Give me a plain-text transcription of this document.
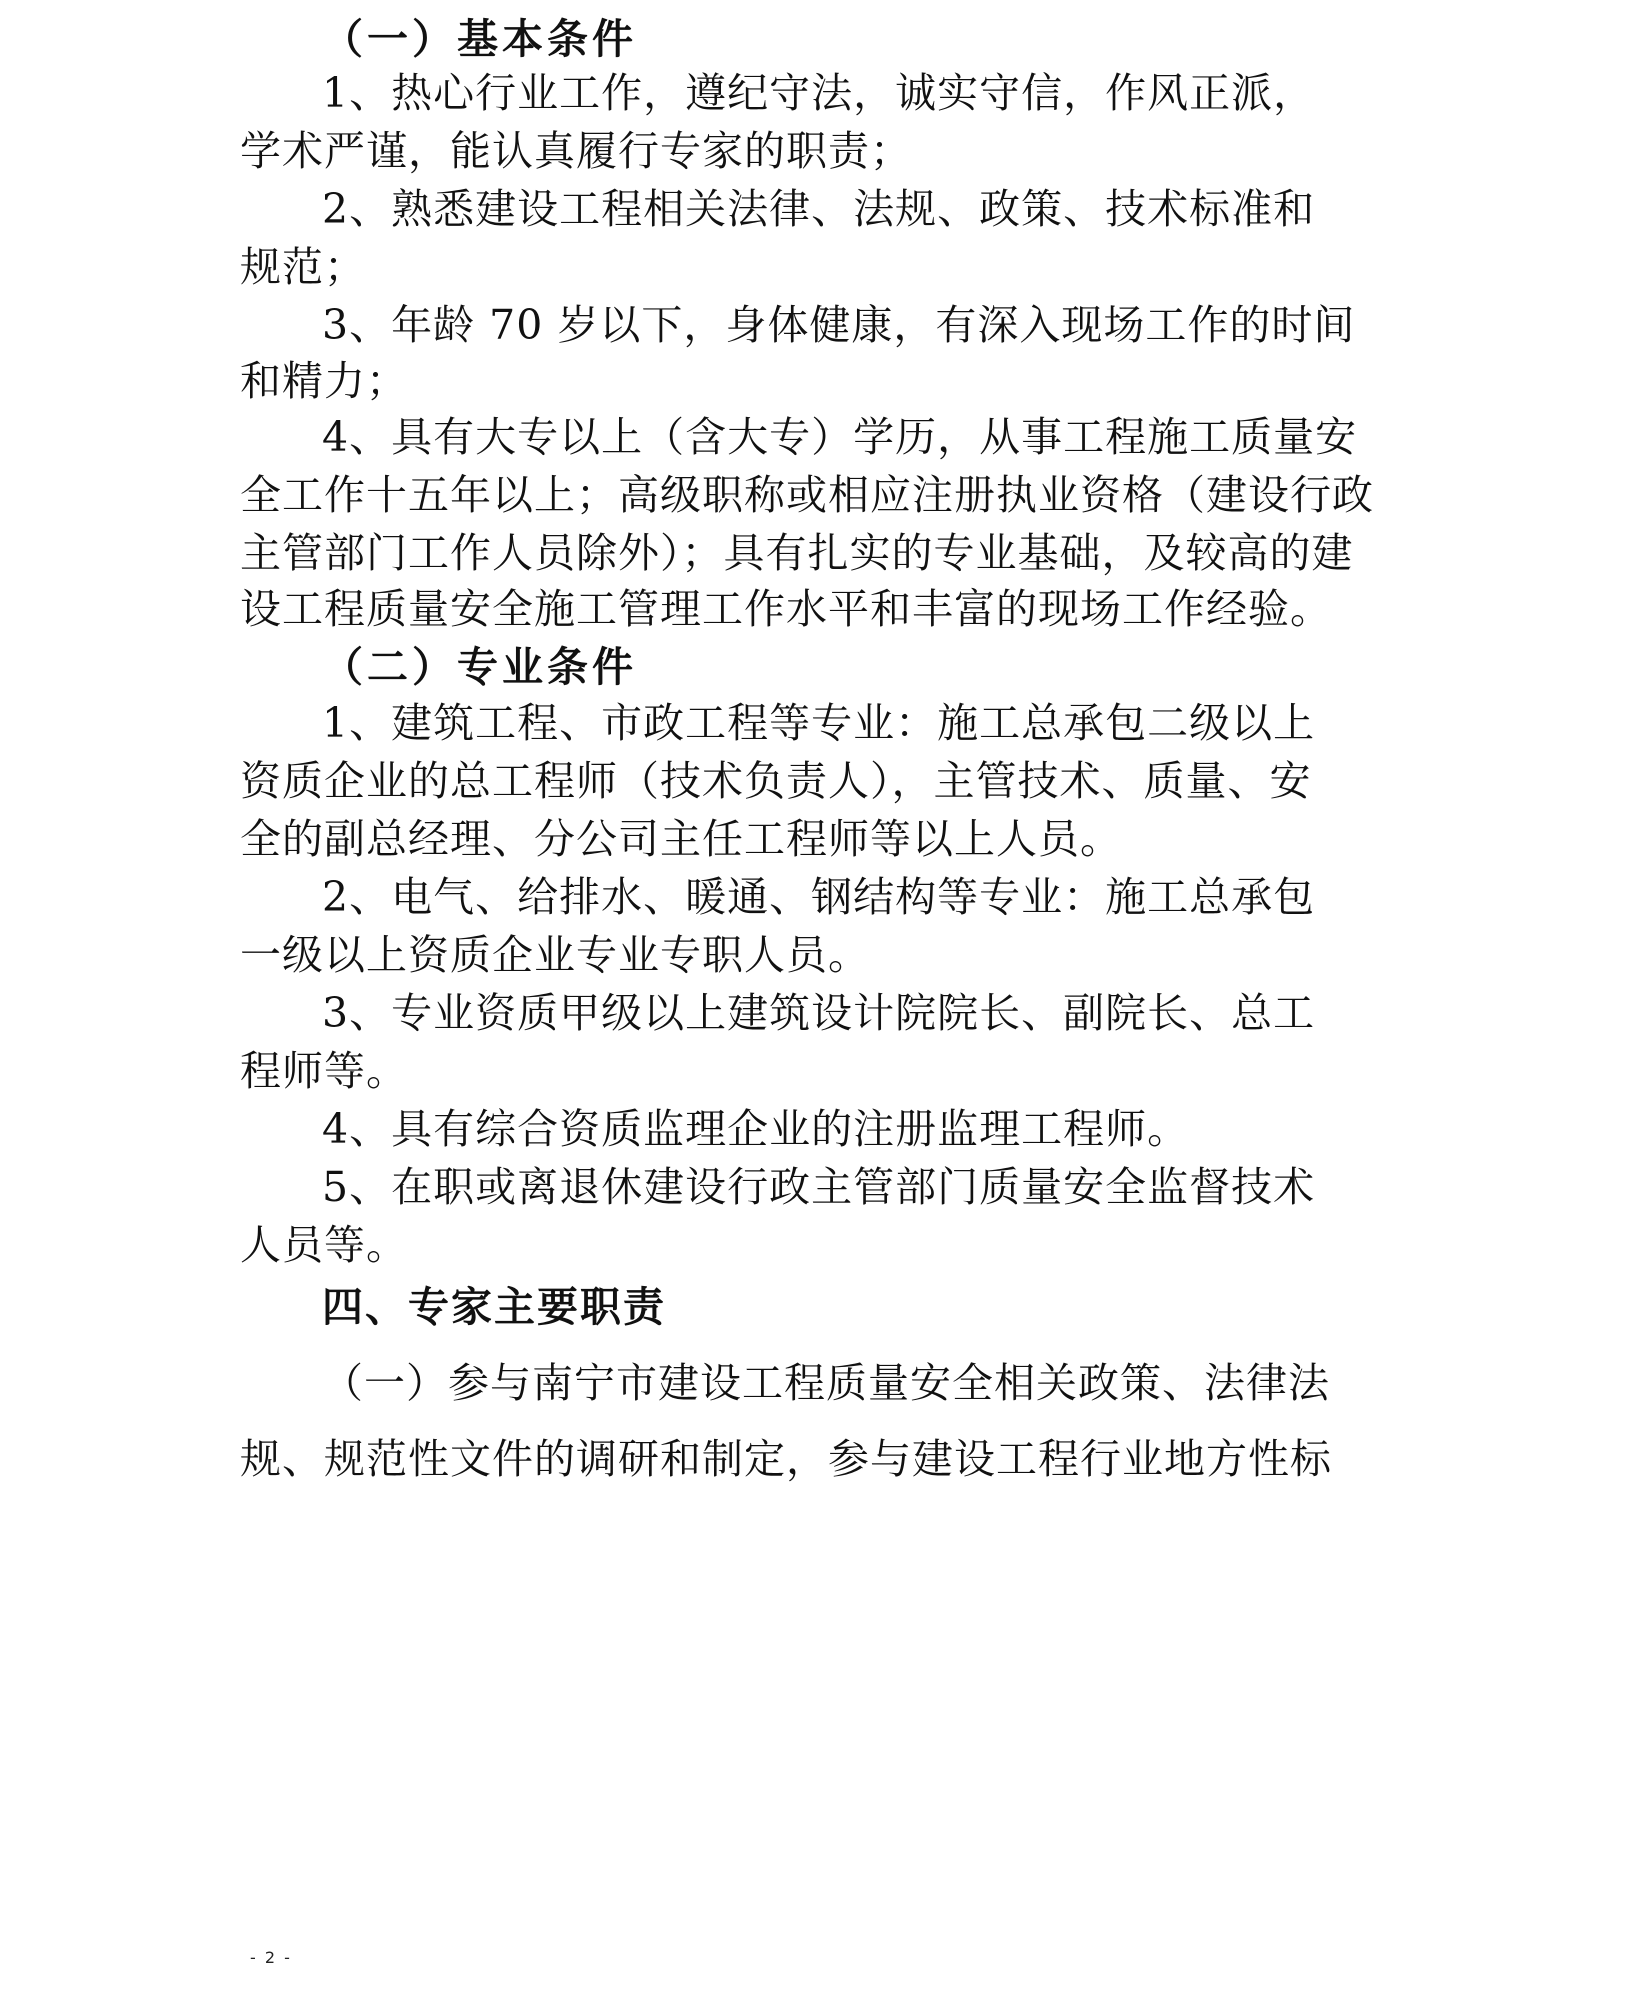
（一）基本条件
1、热心行业工作，遵纪守法，诚实守信，作风正派，
学术严谨，能认真履行专家的职责；
2、熟悉建设工程相关法律、法规、政策、技术标准和
规范；
3、年龄 70 岁以下，身体健康，有深入现场工作的时间
和精力；
4、具有大专以上（含大专）学历，从事工程施工质量安
全工作十五年以上；高级职称或相应注册执业资格（建设行政
主管部门工作人员除外）；具有扎实的专业基础，及较高的建
设工程质量安全施工管理工作水平和丰富的现场工作经验。
（二）专业条件
1、建筑工程、市政工程等专业：施工总承包二级以上
资质企业的总工程师（技术负责人），主管技术、质量、安
全的副总经理、分公司主任工程师等以上人员。
2、电气、给排水、暖通、钢结构等专业：施工总承包
一级以上资质企业专业专职人员。
3、专业资质甲级以上建筑设计院院长、副院长、总工
程师等。
4、具有综合资质监理企业的注册监理工程师。
5、在职或离退休建设行政主管部门质量安全监督技术
人员等。
四、专家主要职责
（一）参与南宁市建设工程质量安全相关政策、法律法
规、规范性文件的调研和制定，参与建设工程行业地方性标
- 2 -
